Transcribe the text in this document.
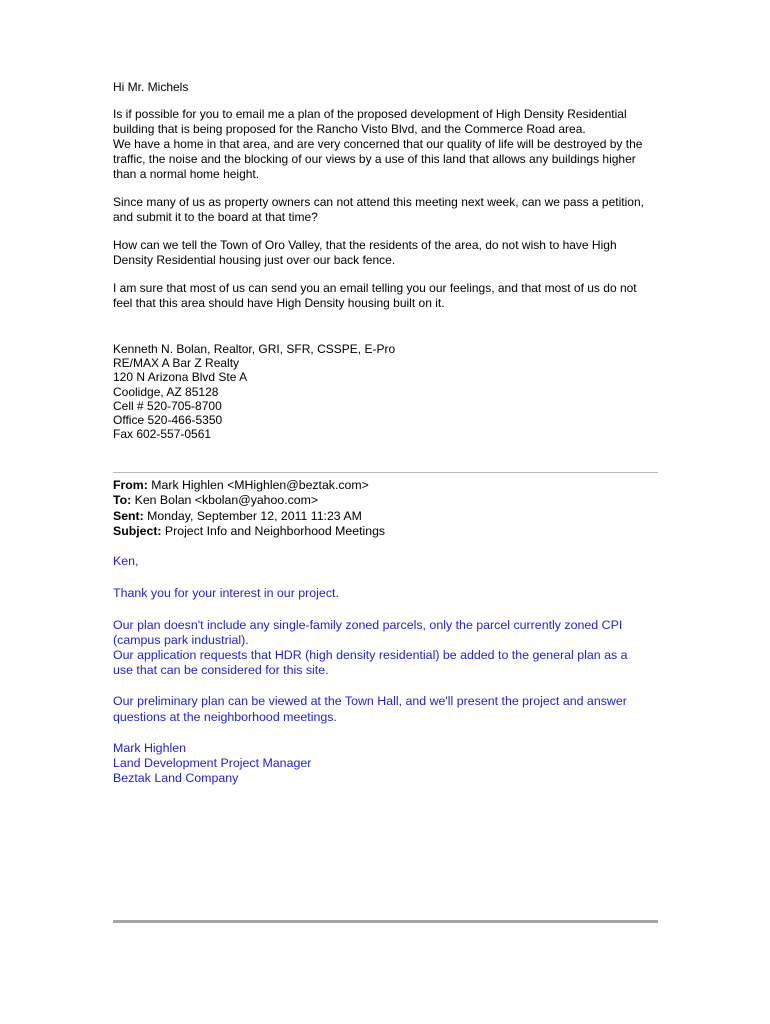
Hi Mr. Michels

Is if possible for you to email me a plan of the proposed development of High Density Residential
building that is being proposed for the Rancho Visto Blvd, and the Commerce Road area.
We have a home in that area, and are very concerned that our quality of life will be destroyed by the
traffic, the noise and the blocking of our views by a use of this land that allows any buildings higher
than a normal home height.

Since many of us as property owners can not attend this meeting next week, can we pass a petition,
and submit it to the board at that time?

How can we tell the Town of Oro Valley, that the residents of the area, do not wish to have High
Density Residential housing just over our back fence.

I am sure that most of us can send you an email telling you our feelings, and that most of us do not
feel that this area should have High Density housing built on it.

Kenneth N. Bolan, Realtor, GRI, SFR, CSSPE, E-Pro
RE/MAX A Bar Z Realty
120 N Arizona Blvd Ste A
Coolidge, AZ 85128
Cell # 520-705-8700
Office 520-466-5350
Fax 602-557-0561

From: Mark Highlen <MHighlen@beztak.com>
To: Ken Bolan <kbolan@yahoo.com>
Sent: Monday, September 12, 2011 11:23 AM
Subject: Project Info and Neighborhood Meetings

Ken,

Thank you for your interest in our project.

Our plan doesn't include any single-family zoned parcels, only the parcel currently zoned CPI
(campus park industrial).
Our application requests that HDR (high density residential) be added to the general plan as a
use that can be considered for this site.

Our preliminary plan can be viewed at the Town Hall, and we'll present the project and answer
questions at the neighborhood meetings.

Mark Highlen
Land Development Project Manager
Beztak Land Company
